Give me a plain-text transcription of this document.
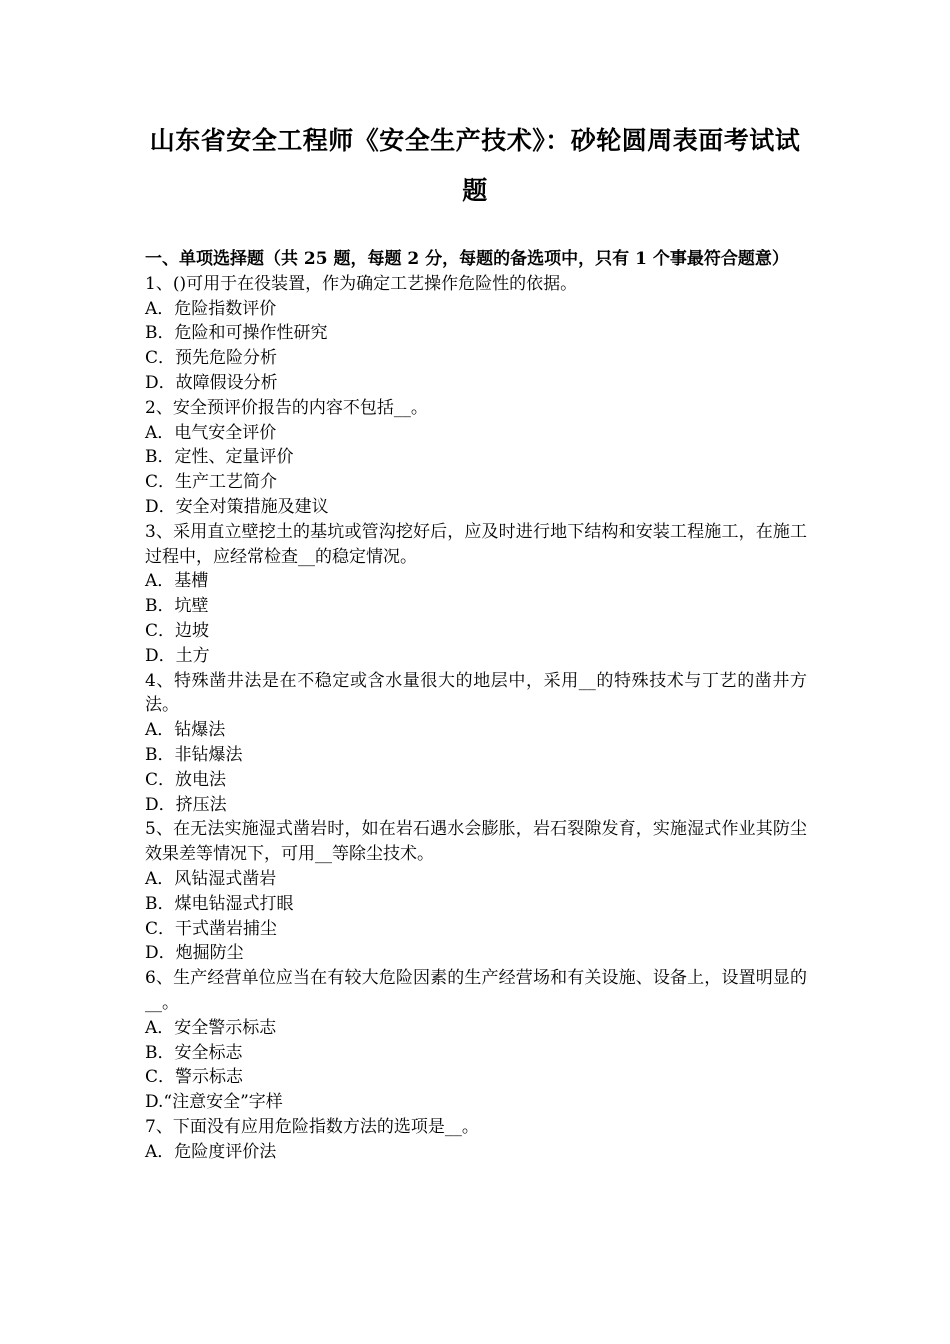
山东省安全工程师《安全生产技术》：砂轮圆周表面考试试
题

一、单项选择题（共 25 题，每题 2 分，每题的备选项中，只有 1 个事最符合题意）

1、()可用于在役装置，作为确定工艺操作危险性的依据。

A．危险指数评价

B．危险和可操作性研究

C．预先危险分析

D．故障假设分析

2、安全预评价报告的内容不包括__。

A．电气安全评价

B．定性、定量评价

C．生产工艺简介

D．安全对策措施及建议

3、采用直立壁挖土的基坑或管沟挖好后，应及时进行地下结构和安装工程施工，在施工过程中，应经常检查__的稳定情况。

A．基槽

B．坑壁

C．边坡

D．土方

4、特殊凿井法是在不稳定或含水量很大的地层中，采用__的特殊技术与丁艺的凿井方法。

A．钻爆法

B．非钻爆法

C．放电法

D．挤压法

5、在无法实施湿式凿岩时，如在岩石遇水会膨胀，岩石裂隙发育，实施湿式作业其防尘效果差等情况下，可用__等除尘技术。

A．风钻湿式凿岩

B．煤电钻湿式打眼

C．干式凿岩捕尘

D．炮掘防尘

6、生产经营单位应当在有较大危险因素的生产经营场和有关设施、设备上，设置明显的__。

A．安全警示标志

B．安全标志

C．警示标志

D.“注意安全”字样

7、下面没有应用危险指数方法的选项是__。

A．危险度评价法
